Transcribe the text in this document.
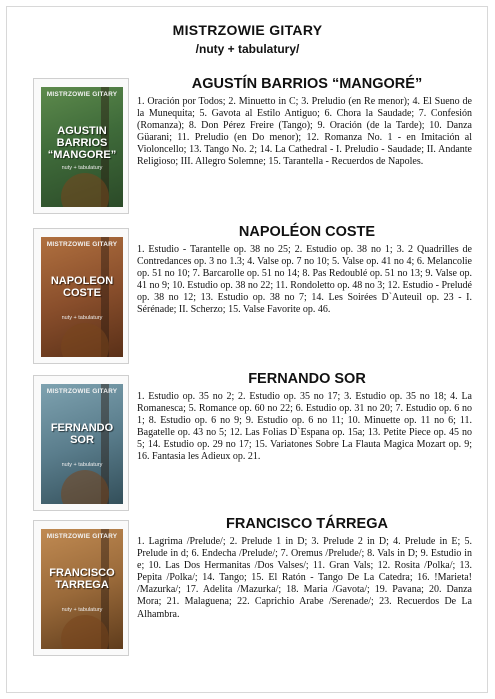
MISTRZOWIE GITARY
/nuty + tabulatury/
MISTRZOWIE GITARY
AGUSTIN BARRIOS “MANGORE”
nuty + tabulatury
AGUSTÍN BARRIOS “MANGORÉ”
1. Oración por Todos; 2. Minuetto in C; 3. Preludio (en Re menor); 4. El Sueno de la Munequita; 5. Gavota al Estilo Antiguo; 6. Chora la Saudade; 7. Confesión (Romanza); 8. Don Pérez Freire (Tango); 9. Oración (de la Tarde); 10. Danza Güarani; 11. Preludio (en Do menor); 12. Romanza No. 1 - en Imitación al Violoncello; 13. Tango No. 2; 14. La Cathedral - I. Preludio - Saudade; II. Andante Religioso; III. Allegro Solemne; 15. Tarantella - Recuerdos de Napoles.
MISTRZOWIE GITARY
NAPOLEON COSTE
nuty + tabulatury
NAPOLÉON COSTE
1. Estudio - Tarantelle op. 38 no 25; 2. Estudio op. 38 no 1; 3. 2 Quadrilles de Contredances op. 3 no 1.3; 4. Valse op. 7 no 10; 5. Valse op. 41 no 4; 6. Melancolie op. 51 no 10; 7. Barcarolle op. 51 no 14; 8. Pas Redoublé op. 51 no 13; 9. Valse op. 41 no 9; 10. Estudio op. 38 no 22; 11. Rondoletto op. 48 no 3; 12. Estudio - Preludé op. 38 no 12; 13. Estudio op. 38 no 7; 14. Les Soirées D`Auteuil op. 23 - I. Sérénade; II. Scherzo; 15. Valse Favorite op. 46.
MISTRZOWIE GITARY
FERNANDO SOR
nuty + tabulatury
FERNANDO SOR
1. Estudio op. 35 no 2; 2. Estudio op. 35 no 17; 3. Estudio op. 35 no 18; 4. La Romanesca; 5. Romance op. 60 no 22; 6. Estudio op. 31 no 20; 7. Estudio op. 6 no 1; 8. Estudio op. 6 no 9; 9. Estudio op. 6 no 11; 10. Minuette op. 11 no 6; 11. Bagatelle op. 43 no 5; 12. Las Folias D`Espana op. 15a; 13. Petite Piece op. 45 no 5; 14. Estudio op. 29 no 17; 15. Variatones Sobre La Flauta Magica Mozart op. 9; 16. Fantasia les Adieux op. 21.
MISTRZOWIE GITARY
FRANCISCO TARREGA
nuty + tabulatury
FRANCISCO TÁRREGA
1. Lagrima /Prelude/; 2. Prelude 1 in D; 3. Prelude 2 in D; 4. Prelude in E; 5. Prelude in d; 6. Endecha /Prelude/; 7. Oremus /Prelude/; 8. Vals in D; 9. Estudio in e; 10. Las Dos Hermanitas /Dos Valses/; 11. Gran Vals; 12. Rosita /Polka/; 13. Pepita /Polka/; 14. Tango; 15. El Ratón - Tango De La Catedra; 16. !Marieta! /Mazurka/; 17. Adelita /Mazurka/; 18. Maria /Gavota/; 19. Pavana; 20. Danza Mora; 21. Malaguena; 22. Caprichio Arabe /Serenade/; 23. Recuerdos De La Alhambra.
